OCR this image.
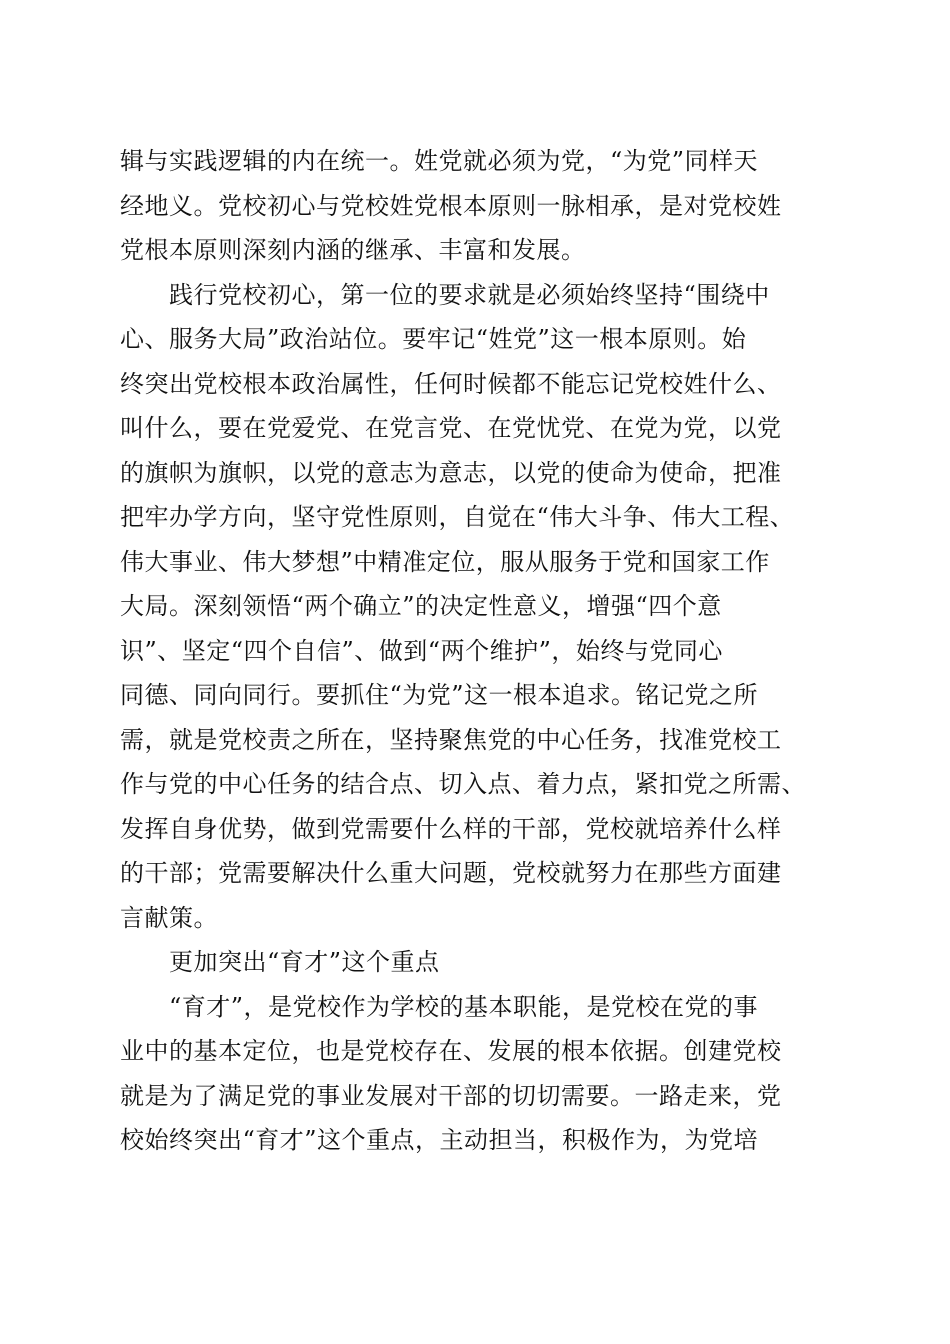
辑与实践逻辑的内在统一。姓党就必须为党，“为党”同样天
经地义。党校初心与党校姓党根本原则一脉相承，是对党校姓
党根本原则深刻内涵的继承、丰富和发展。
　　践行党校初心，第一位的要求就是必须始终坚持“围绕中
心、服务大局”政治站位。要牢记“姓党”这一根本原则。始
终突出党校根本政治属性，任何时候都不能忘记党校姓什么、
叫什么，要在党爱党、在党言党、在党忧党、在党为党，以党
的旗帜为旗帜，以党的意志为意志，以党的使命为使命，把准
把牢办学方向，坚守党性原则，自觉在“伟大斗争、伟大工程、
伟大事业、伟大梦想”中精准定位，服从服务于党和国家工作
大局。深刻领悟“两个确立”的决定性意义，增强“四个意
识”、坚定“四个自信”、做到“两个维护”，始终与党同心
同德、同向同行。要抓住“为党”这一根本追求。铭记党之所
需，就是党校责之所在，坚持聚焦党的中心任务，找准党校工
作与党的中心任务的结合点、切入点、着力点，紧扣党之所需、
发挥自身优势，做到党需要什么样的干部，党校就培养什么样
的干部；党需要解决什么重大问题，党校就努力在那些方面建
言献策。
　　更加突出“育才”这个重点
　　“育才”，是党校作为学校的基本职能，是党校在党的事
业中的基本定位，也是党校存在、发展的根本依据。创建党校
就是为了满足党的事业发展对干部的切切需要。一路走来，党
校始终突出“育才”这个重点，主动担当，积极作为，为党培
